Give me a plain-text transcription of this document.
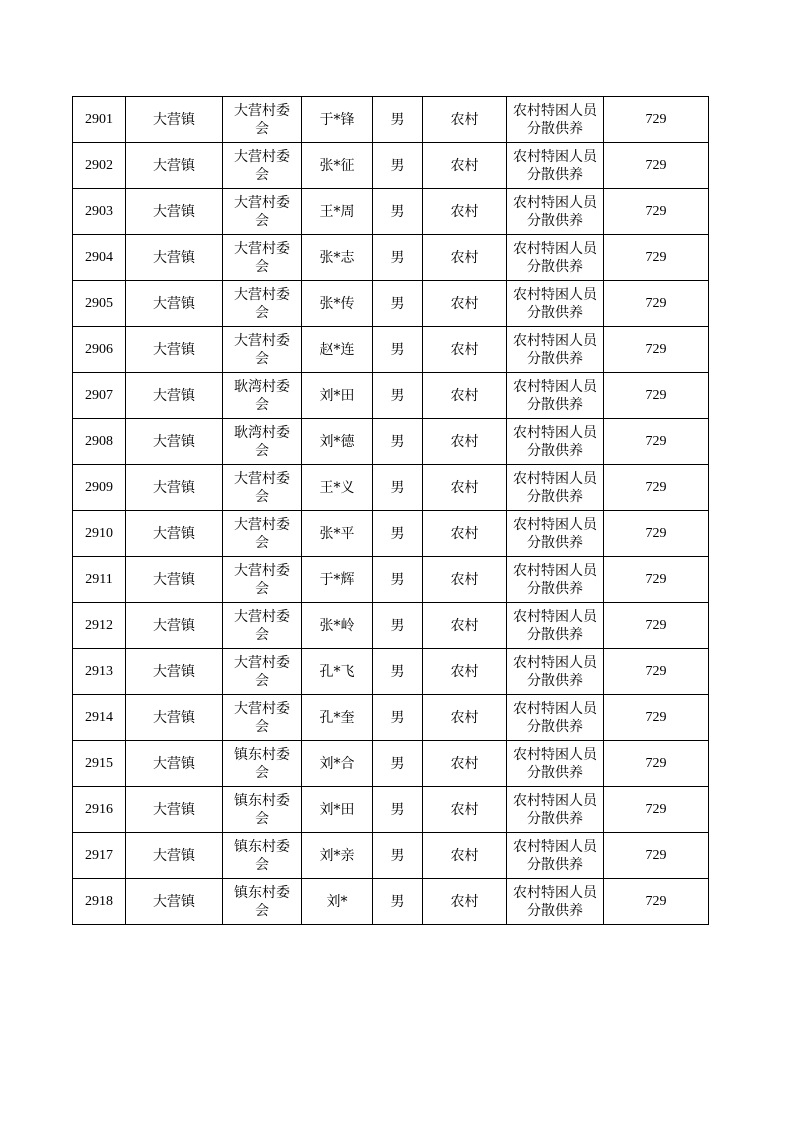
2901	大营镇	大营村委会	于*锋	男	农村	农村特困人员分散供养	729
2902	大营镇	大营村委会	张*征	男	农村	农村特困人员分散供养	729
2903	大营镇	大营村委会	王*周	男	农村	农村特困人员分散供养	729
2904	大营镇	大营村委会	张*志	男	农村	农村特困人员分散供养	729
2905	大营镇	大营村委会	张*传	男	农村	农村特困人员分散供养	729
2906	大营镇	大营村委会	赵*连	男	农村	农村特困人员分散供养	729
2907	大营镇	耿湾村委会	刘*田	男	农村	农村特困人员分散供养	729
2908	大营镇	耿湾村委会	刘*德	男	农村	农村特困人员分散供养	729
2909	大营镇	大营村委会	王*义	男	农村	农村特困人员分散供养	729
2910	大营镇	大营村委会	张*平	男	农村	农村特困人员分散供养	729
2911	大营镇	大营村委会	于*辉	男	农村	农村特困人员分散供养	729
2912	大营镇	大营村委会	张*岭	男	农村	农村特困人员分散供养	729
2913	大营镇	大营村委会	孔*飞	男	农村	农村特困人员分散供养	729
2914	大营镇	大营村委会	孔*奎	男	农村	农村特困人员分散供养	729
2915	大营镇	镇东村委会	刘*合	男	农村	农村特困人员分散供养	729
2916	大营镇	镇东村委会	刘*田	男	农村	农村特困人员分散供养	729
2917	大营镇	镇东村委会	刘*亲	男	农村	农村特困人员分散供养	729
2918	大营镇	镇东村委会	刘*	男	农村	农村特困人员分散供养	729
